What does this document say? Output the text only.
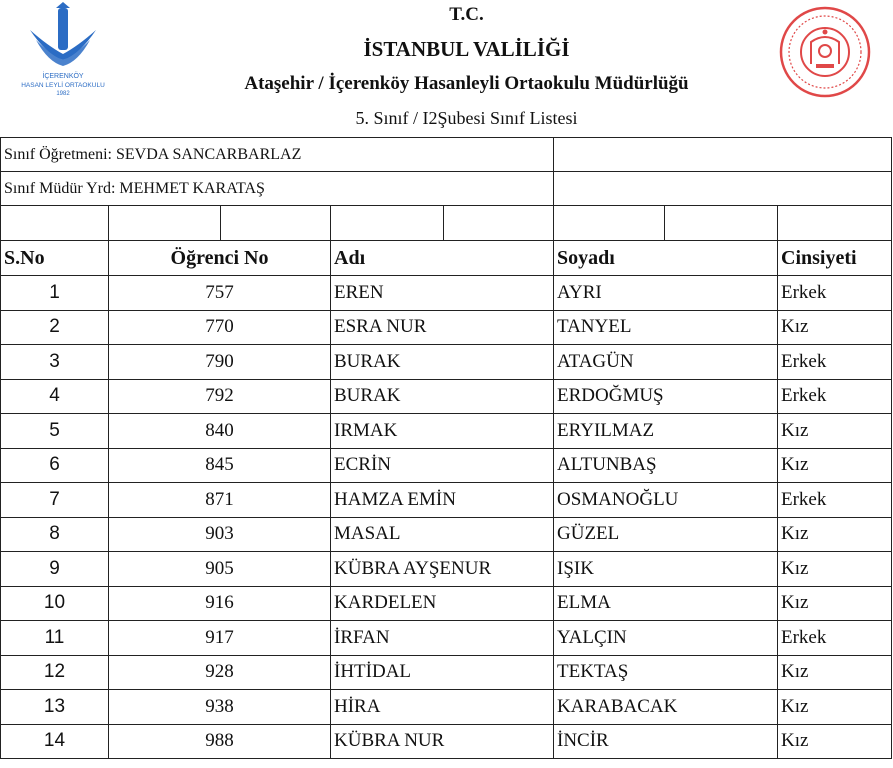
İÇERENKÖY
HASAN LEYLİ ORTAOKULU
1982
T.C.
İSTANBUL VALİLİĞİ
Ataşehir / İçerenköy Hasanleyli Ortaokulu Müdürlüğü
5. Sınıf / I2Şubesi Sınıf Listesi
Sınıf Öğretmeni: SEVDA SANCARBARLAZ							
Sınıf Müdür Yrd: MEHMET KARATAŞ							

S.No	Öğrenci No		Adı		Soyadı		Cinsiyeti
1	757		EREN		AYRI		Erkek
2	770		ESRA NUR		TANYEL		Kız
3	790		BURAK		ATAGÜN		Erkek
4	792		BURAK		ERDOĞMUŞ		Erkek
5	840		IRMAK		ERYILMAZ		Kız
6	845		ECRİN		ALTUNBAŞ		Kız
7	871		HAMZA EMİN		OSMANOĞLU		Erkek
8	903		MASAL		GÜZEL		Kız
9	905		KÜBRA AYŞENUR		IŞIK		Kız
10	916		KARDELEN		ELMA		Kız
11	917		İRFAN		YALÇIN		Erkek
12	928		İHTİDAL		TEKTAŞ		Kız
13	938		HİRA		KARABACAK		Kız
14	988		KÜBRA NUR		İNCİR		Kız
